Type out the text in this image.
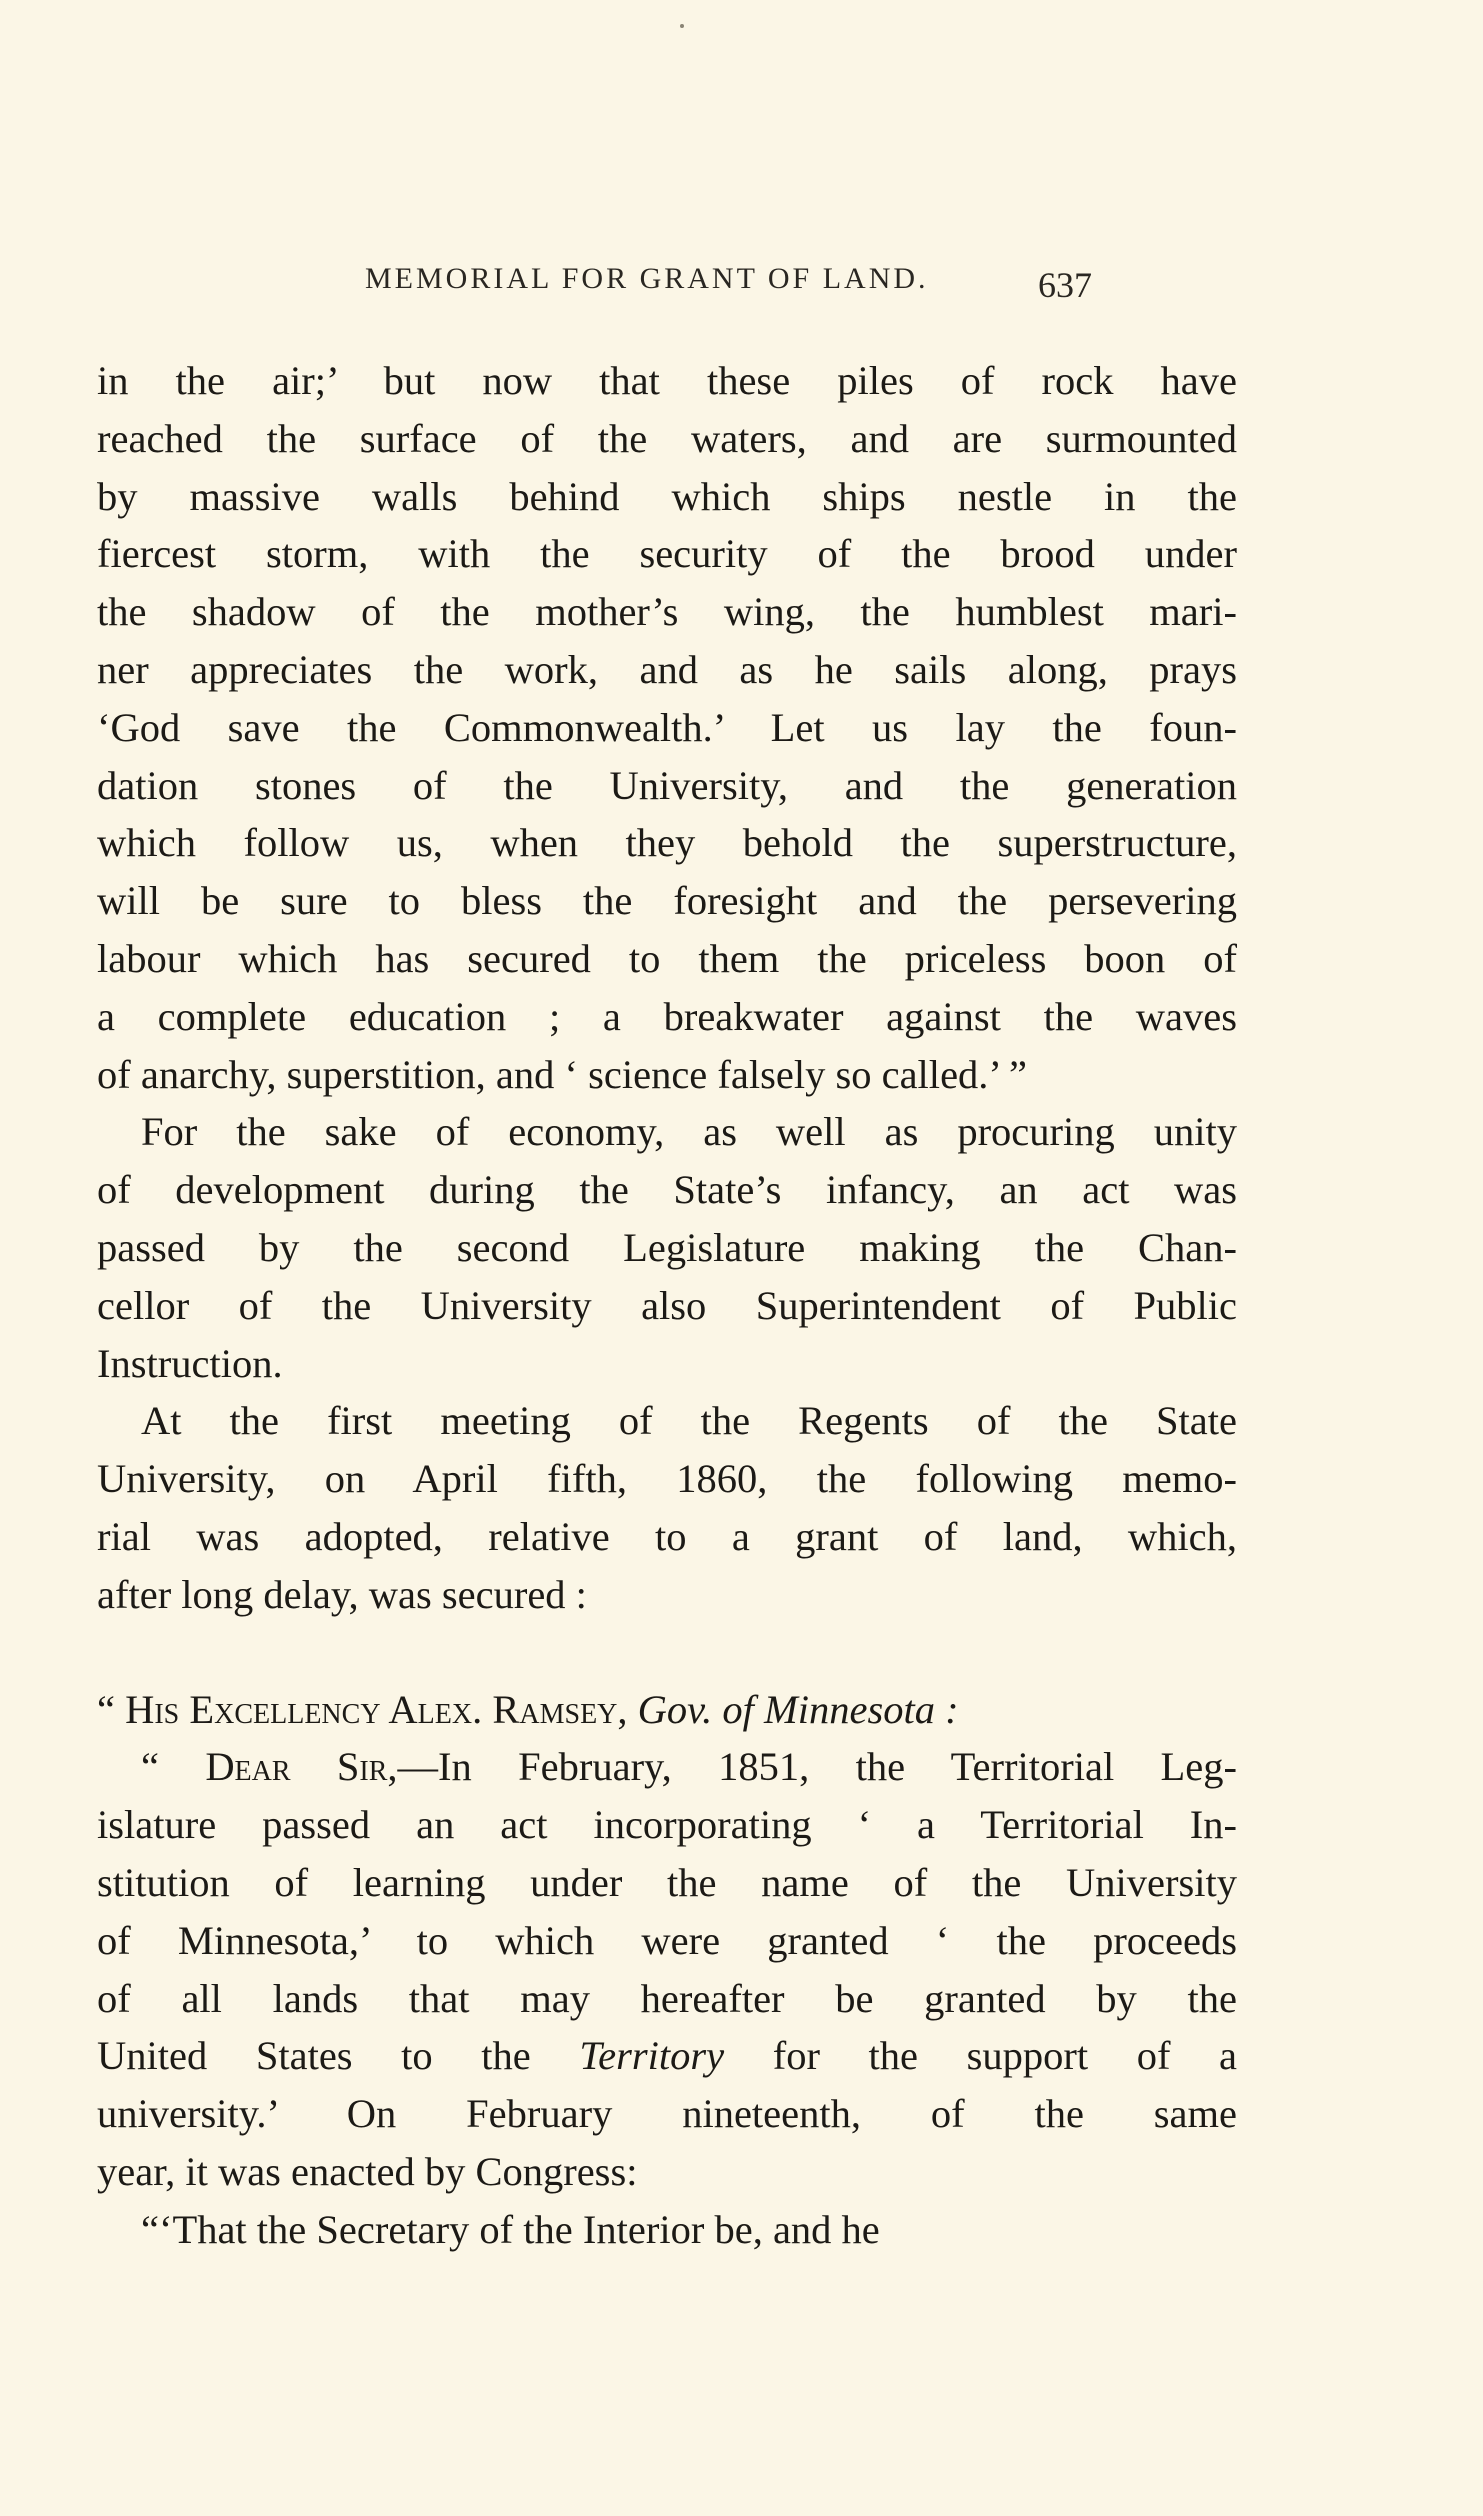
MEMORIAL FOR GRANT OF LAND.	637
in the air;’ but now that these piles of rock have
reached the surface of the waters, and are surmounted
by massive walls behind which ships nestle in the
fiercest storm, with the security of the brood under
the shadow of the mother’s wing, the humblest mari-
ner appreciates the work, and as he sails along, prays
‘God save the Commonwealth.’ Let us lay the foun-
dation stones of the University, and the generation
which follow us, when they behold the superstructure,
will be sure to bless the foresight and the persevering
labour which has secured to them the priceless boon of
a complete education ; a breakwater against the waves
of anarchy, superstition, and ‘ science falsely so called.’ ”
For the sake of economy, as well as procuring unity
of development during the State’s infancy, an act was
passed by the second Legislature making the Chan-
cellor of the University also Superintendent of Public
Instruction.
At the first meeting of the Regents of the State
University, on April fifth, 1860, the following memo-
rial was adopted, relative to a grant of land, which,
after long delay, was secured :
“ His Excellency Alex. Ramsey, Gov. of Minnesota :
“ Dear Sir,—In February, 1851, the Territorial Leg-
islature passed an act incorporating ‘ a Territorial In-
stitution of learning under the name of the University
of Minnesota,’ to which were granted ‘ the proceeds
of all lands that may hereafter be granted by the
United States to the Territory for the support of a
university.’ On February nineteenth, of the same
year, it was enacted by Congress:
“‘That the Secretary of the Interior be, and he
